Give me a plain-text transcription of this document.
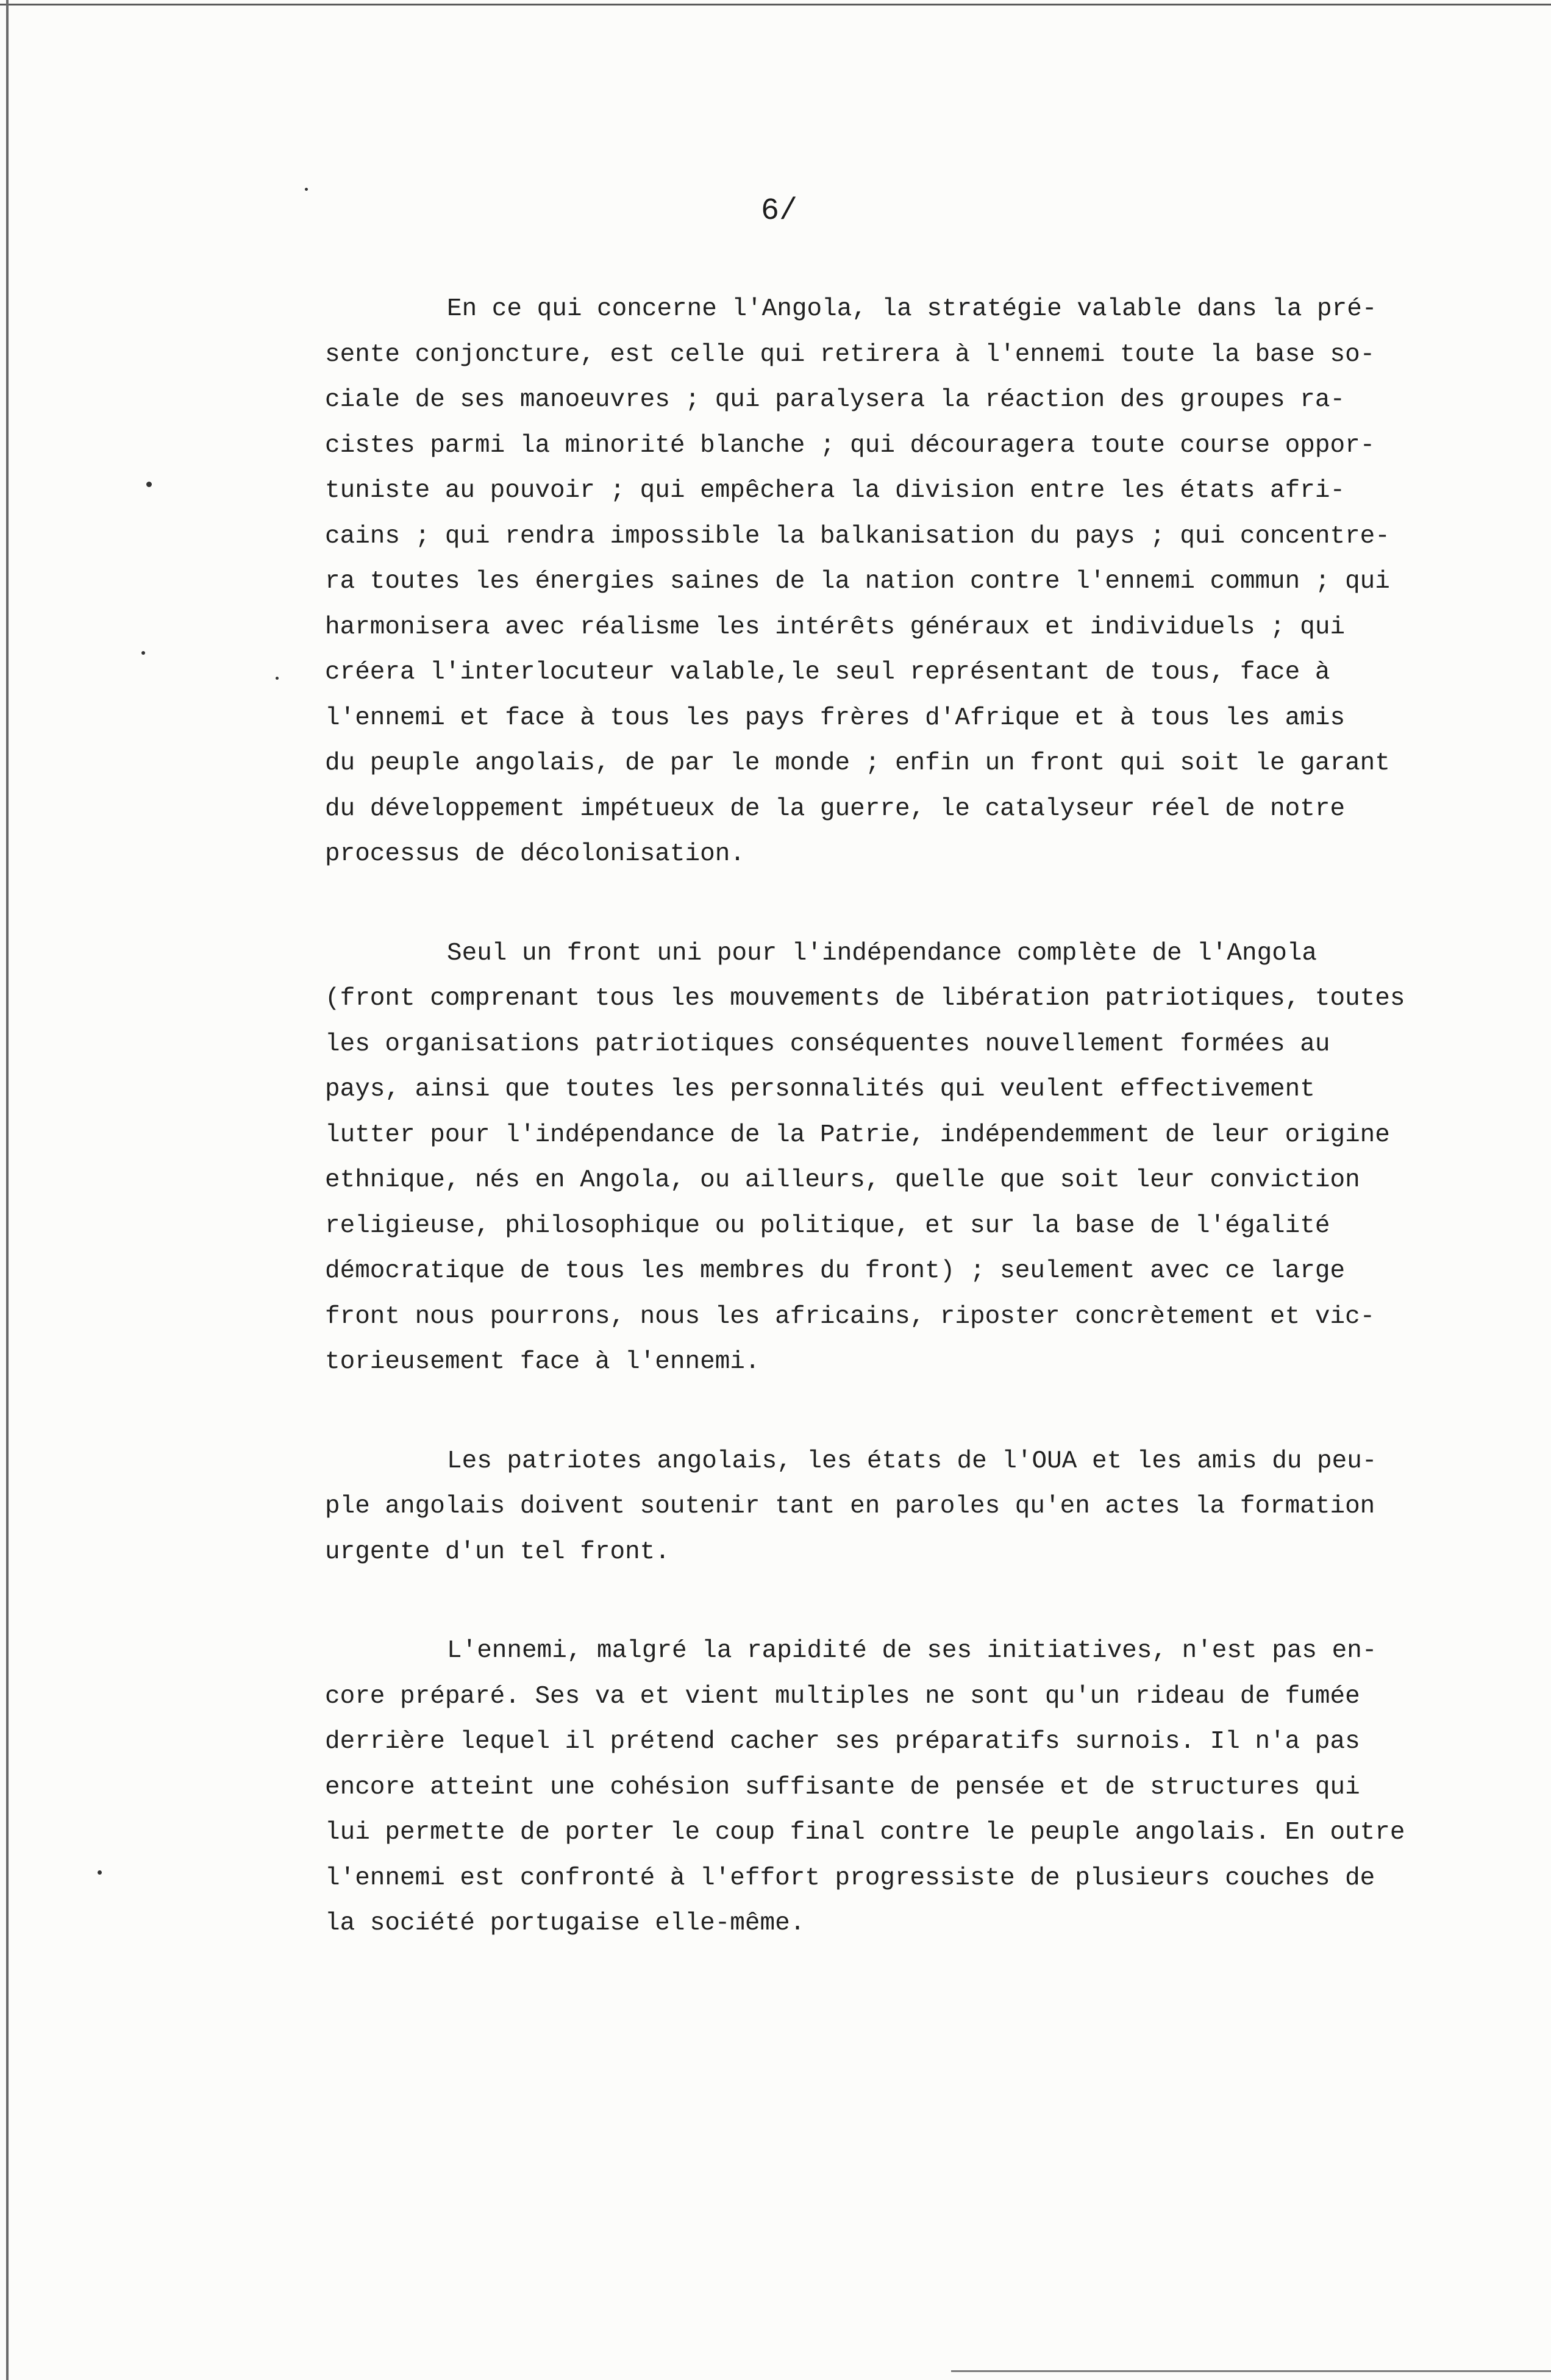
6/

En ce qui concerne l'Angola, la stratégie valable dans la pré-
sente conjoncture, est celle qui retirera à l'ennemi toute la base so-
ciale de ses manoeuvres ; qui paralysera la réaction des groupes ra-
cistes parmi la minorité blanche ; qui découragera toute course oppor-
tuniste au pouvoir ; qui empêchera la division entre les états afri-
cains ; qui rendra impossible la balkanisation du pays ; qui concentre-
ra toutes les énergies saines de la nation contre l'ennemi commun ; qui
harmonisera avec réalisme les intérêts généraux et individuels ; qui
créera l'interlocuteur valable,le seul représentant de tous, face à
l'ennemi et face à tous les pays frères d'Afrique et à tous les amis
du peuple angolais, de par le monde ; enfin un front qui soit le garant
du développement impétueux de la guerre, le catalyseur réel de notre
processus de décolonisation.
Seul un front uni pour l'indépendance complète de l'Angola
(front comprenant tous les mouvements de libération patriotiques, toutes
les organisations patriotiques conséquentes nouvellement formées au
pays, ainsi que toutes les personnalités qui veulent effectivement
lutter pour l'indépendance de la Patrie, indépendemment de leur origine
ethnique, nés en Angola, ou ailleurs, quelle que soit leur conviction
religieuse, philosophique ou politique, et sur la base de l'égalité
démocratique de tous les membres du front) ; seulement avec ce large
front nous pourrons, nous les africains, riposter concrètement et vic-
torieusement face à l'ennemi.
Les patriotes angolais, les états de l'OUA et les amis du peu-
ple angolais doivent soutenir tant en paroles qu'en actes la formation
urgente d'un tel front.
L'ennemi, malgré la rapidité de ses initiatives, n'est pas en-
core préparé. Ses va et vient multiples ne sont qu'un rideau de fumée
derrière lequel il prétend cacher ses préparatifs surnois. Il n'a pas
encore atteint une cohésion suffisante de pensée et de structures qui
lui permette de porter le coup final contre le peuple angolais. En outre
l'ennemi est confronté à l'effort progressiste de plusieurs couches de
la société portugaise elle-même.
